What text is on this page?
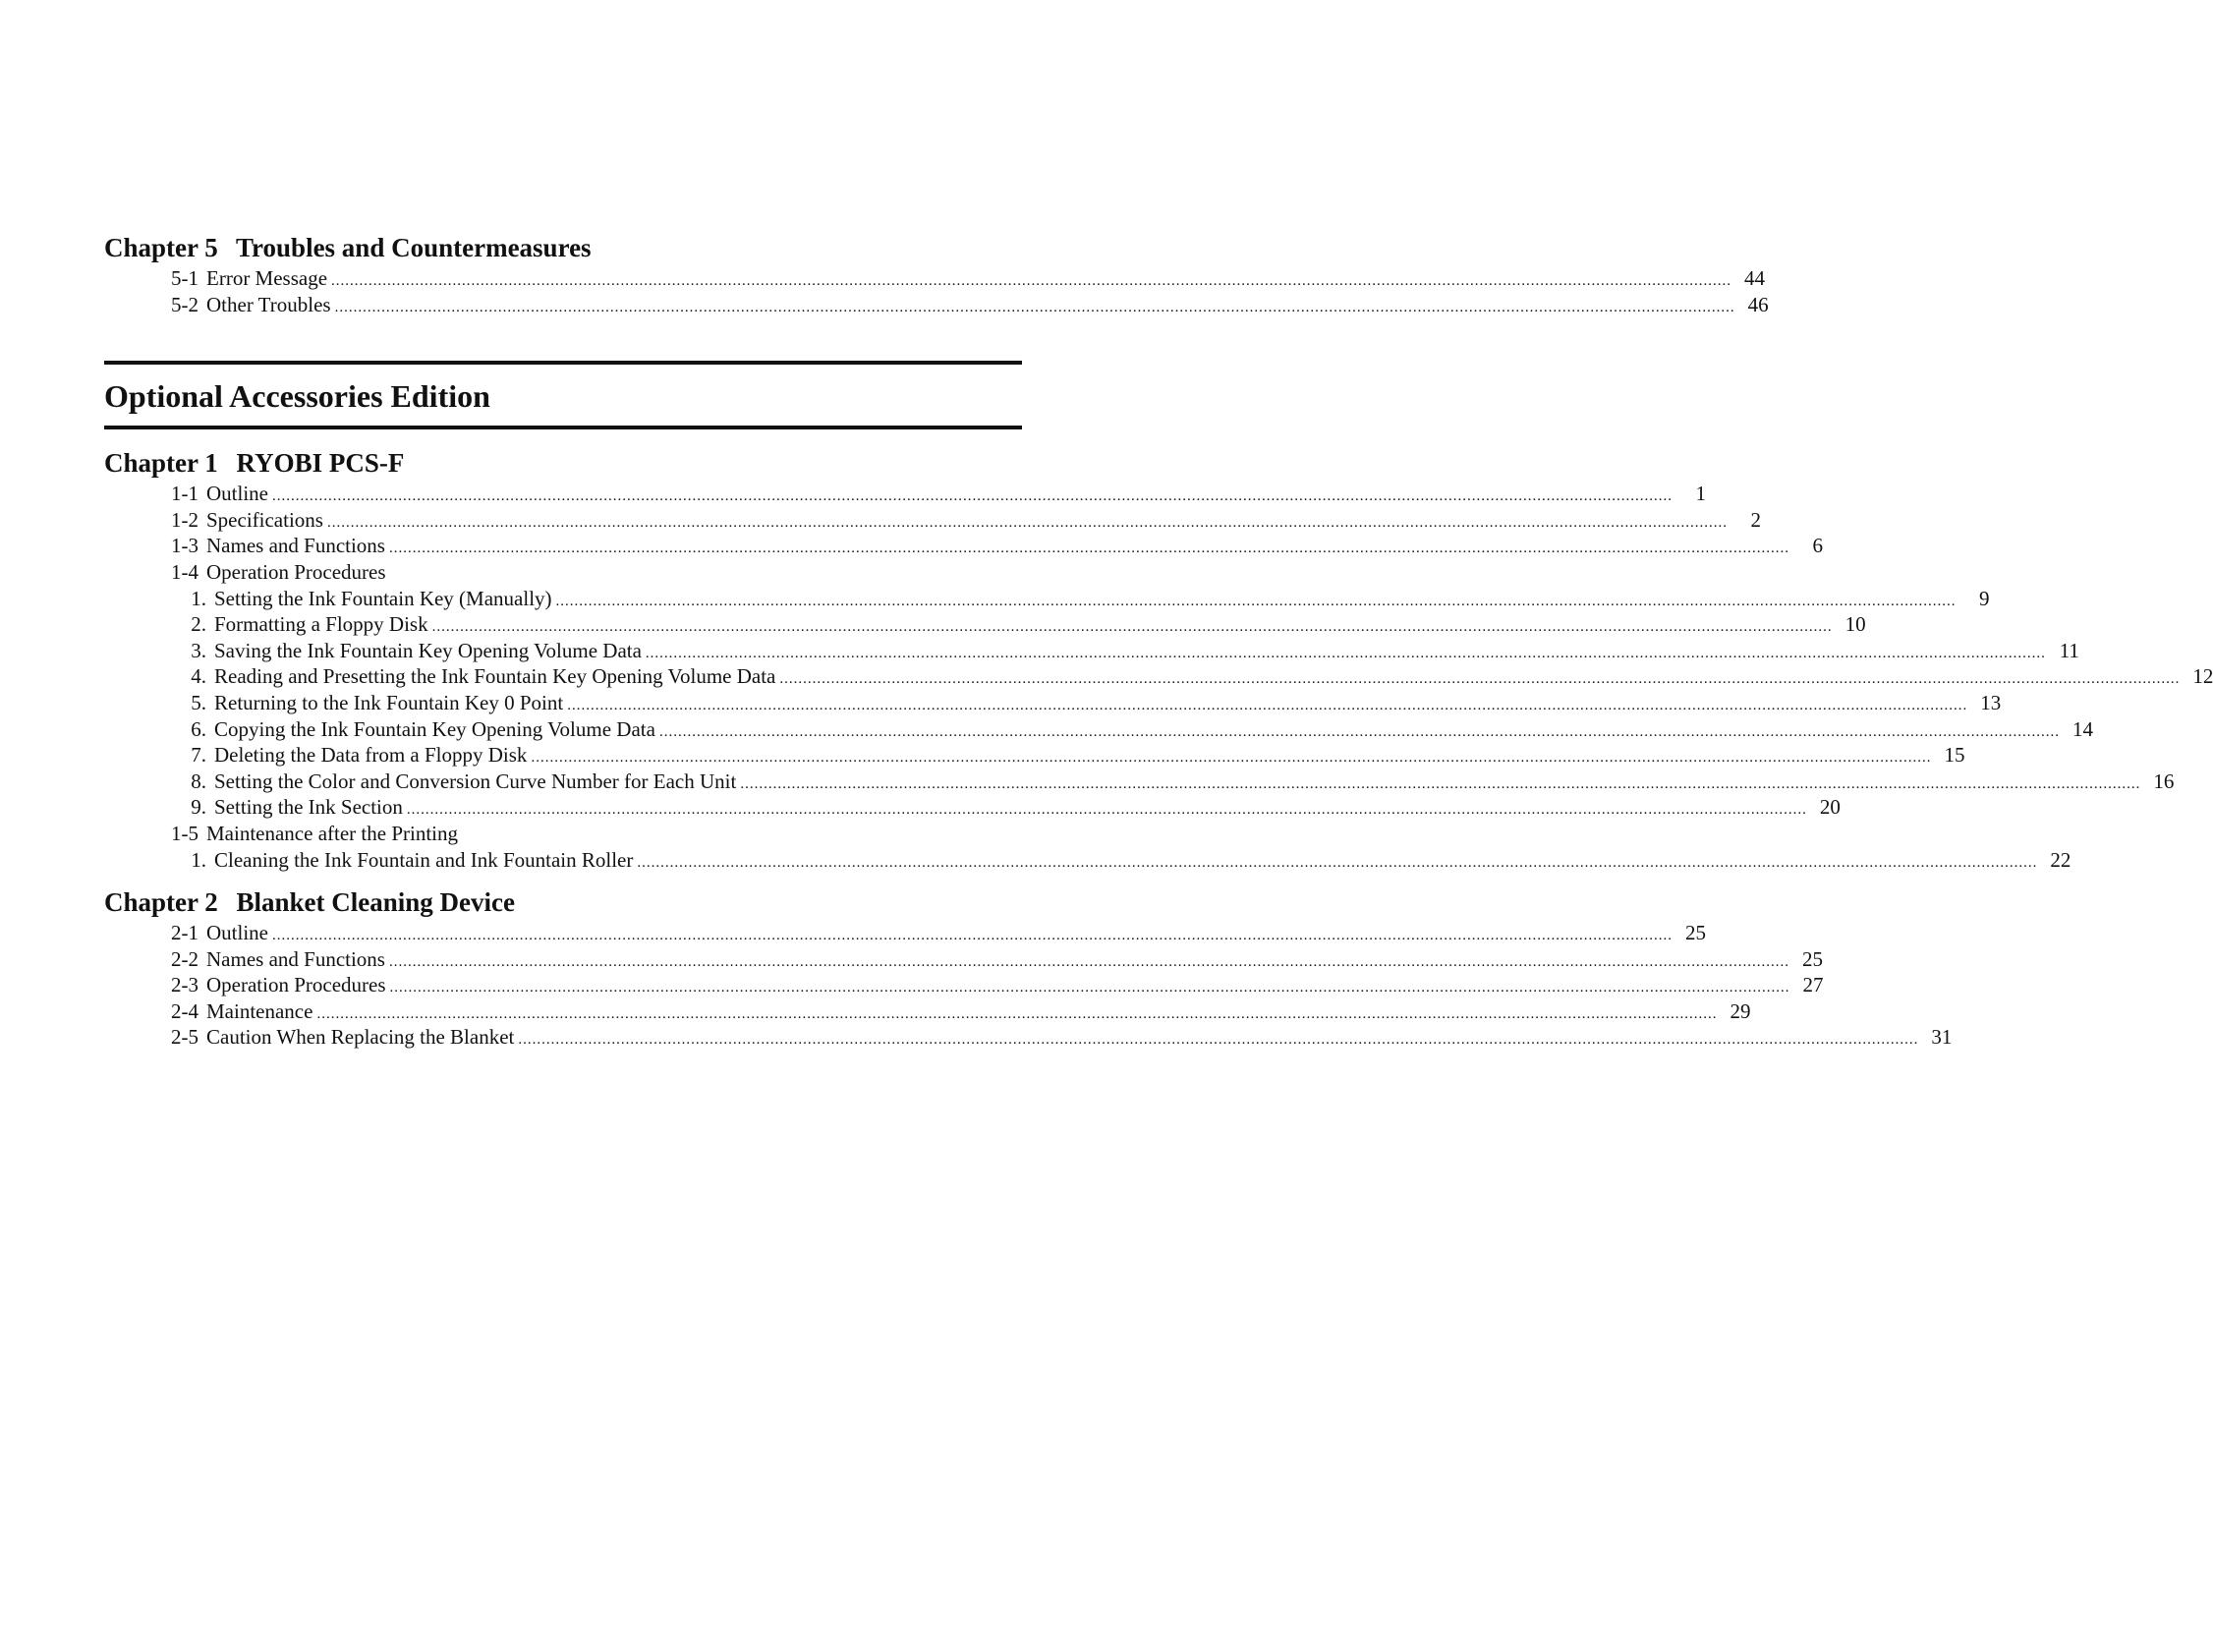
Chapter 5 Troubles and Countermeasures
5-1 Error Message ............................................................................................................................................................................................................................................................................................................ 44
5-2 Other Troubles ............................................................................................................................................................................................................................................................................................................ 46
Optional Accessories Edition
Chapter 1 RYOBI PCS-F
1-1 Outline ............................................................................................................................................................................................................................................................................................................	1
1-2 Specifications ............................................................................................................................................................................................................................................................................................................	2
1-3 Names and Functions ............................................................................................................................................................................................................................................................................................................	6
1-4 Operation Procedures
1. Setting the Ink Fountain Key (Manually) ............................................................................................................................................................................................................................................................................................................	9
2. Formatting a Floppy Disk ............................................................................................................................................................................................................................................................................................................ 10
3. Saving the Ink Fountain Key Opening Volume Data ............................................................................................................................................................................................................................................................................................................ 11
4. Reading and Presetting the Ink Fountain Key Opening Volume Data ............................................................................................................................................................................................................................................................................................................ 12
5. Returning to the Ink Fountain Key 0 Point ............................................................................................................................................................................................................................................................................................................ 13
6. Copying the Ink Fountain Key Opening Volume Data ............................................................................................................................................................................................................................................................................................................ 14
7. Deleting the Data from a Floppy Disk ............................................................................................................................................................................................................................................................................................................ 15
8. Setting the Color and Conversion Curve Number for Each Unit ............................................................................................................................................................................................................................................................................................................ 16
9. Setting the Ink Section ............................................................................................................................................................................................................................................................................................................ 20
1-5 Maintenance after the Printing
1. Cleaning the Ink Fountain and Ink Fountain Roller ............................................................................................................................................................................................................................................................................................................ 22
Chapter 2 Blanket Cleaning Device
2-1 Outline ............................................................................................................................................................................................................................................................................................................ 25
2-2 Names and Functions ............................................................................................................................................................................................................................................................................................................ 25
2-3 Operation Procedures ............................................................................................................................................................................................................................................................................................................ 27
2-4 Maintenance ............................................................................................................................................................................................................................................................................................................ 29
2-5 Caution When Replacing the Blanket ............................................................................................................................................................................................................................................................................................................ 31
